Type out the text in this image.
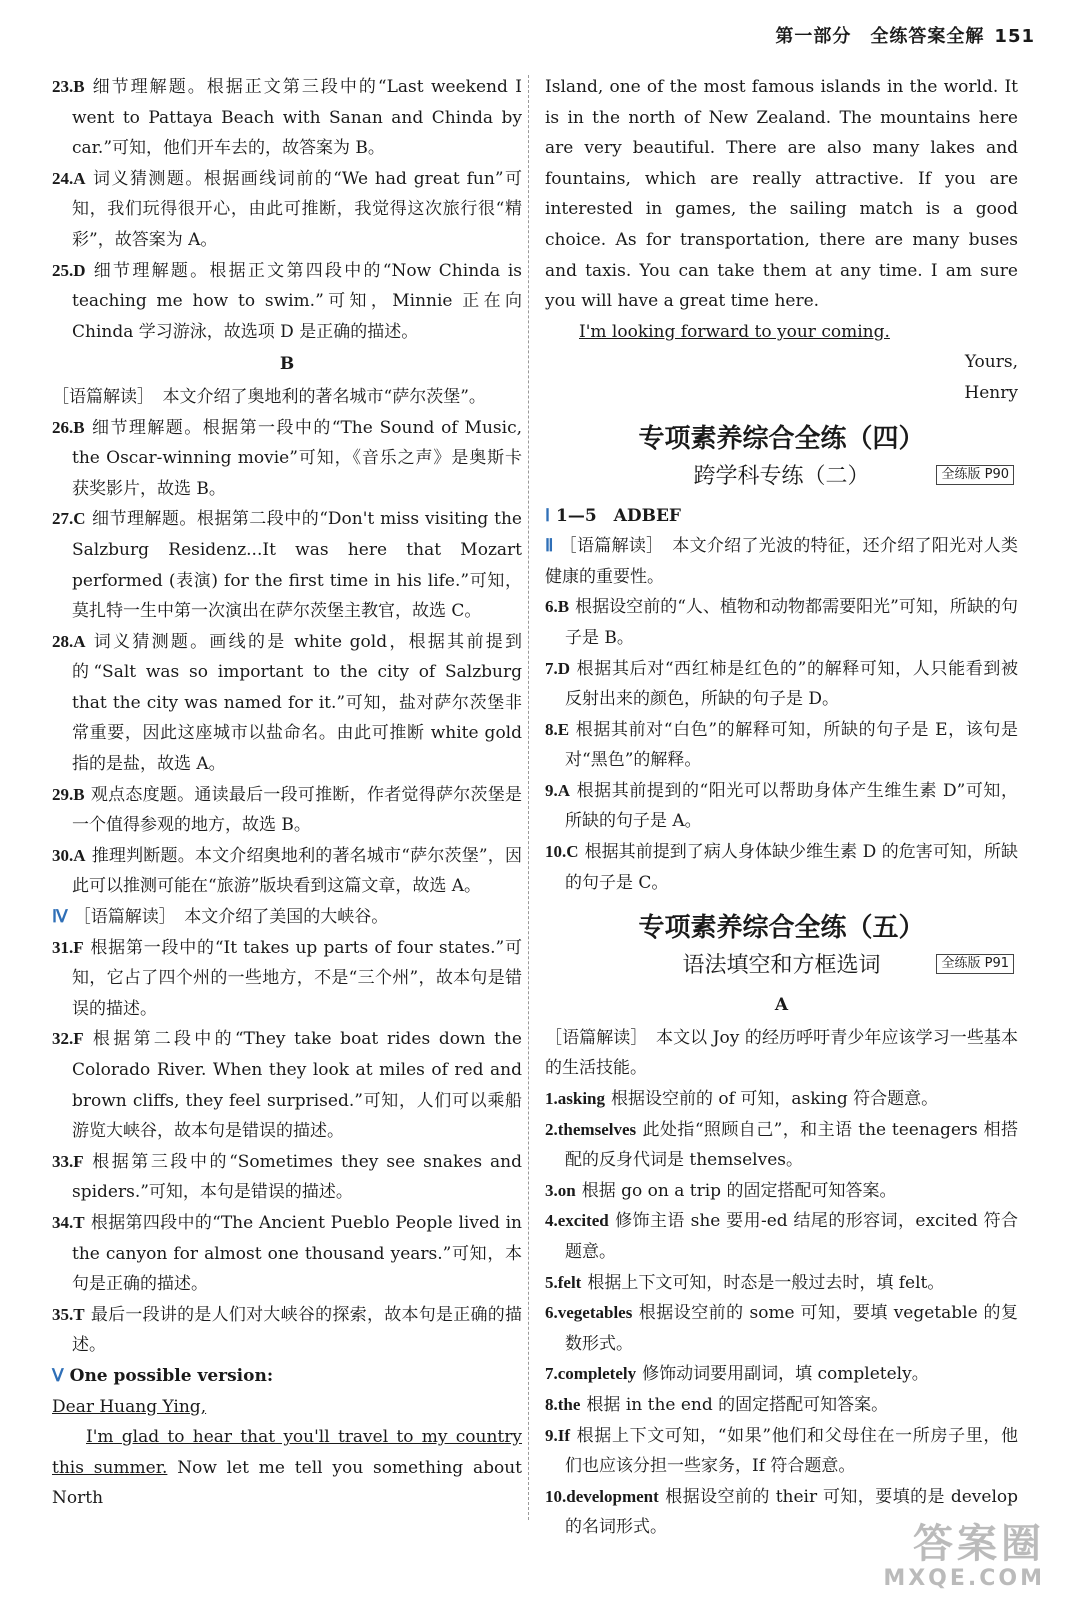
第一部分　全练答案全解 151

23.B 细节理解题。根据正文第三段中的“Last weekend I went to Pattaya Beach with Sanan and Chinda by car.”可知，他们开车去的，故答案为 B。

24.A 词义猜测题。根据画线词前的“We had great fun”可知，我们玩得很开心，由此可推断，我觉得这次旅行很“精彩”，故答案为 A。

25.D 细节理解题。根据正文第四段中的“Now Chinda is teaching me how to swim.”可知，Minnie 正在向 Chinda 学习游泳，故选项 D 是正确的描述。

B

［语篇解读］　本文介绍了奥地利的著名城市“萨尔茨堡”。

26.B 细节理解题。根据第一段中的“The Sound of Music, the Oscar-winning movie”可知，《音乐之声》是奥斯卡获奖影片，故选 B。

27.C 细节理解题。根据第二段中的“Don't miss visiting the Salzburg Residenz...It was here that Mozart performed (表演) for the first time in his life.”可知，莫扎特一生中第一次演出在萨尔茨堡主教官，故选 C。

28.A 词义猜测题。画线的是 white gold，根据其前提到的“Salt was so important to the city of Salzburg that the city was named for it.”可知，盐对萨尔茨堡非常重要，因此这座城市以盐命名。由此可推断 white gold 指的是盐，故选 A。

29.B 观点态度题。通读最后一段可推断，作者觉得萨尔茨堡是一个值得参观的地方，故选 B。

30.A 推理判断题。本文介绍奥地利的著名城市“萨尔茨堡”，因此可以推测可能在“旅游”版块看到这篇文章，故选 A。

Ⅳ ［语篇解读］　本文介绍了美国的大峡谷。

31.F 根据第一段中的“It takes up parts of four states.”可知，它占了四个州的一些地方，不是“三个州”，故本句是错误的描述。

32.F 根据第二段中的“They take boat rides down the Colorado River. When they look at miles of red and brown cliffs, they feel surprised.”可知，人们可以乘船游览大峡谷，故本句是错误的描述。

33.F 根据第三段中的“Sometimes they see snakes and spiders.”可知，本句是错误的描述。

34.T 根据第四段中的“The Ancient Pueblo People lived in the canyon for almost one thousand years.”可知，本句是正确的描述。

35.T 最后一段讲的是人们对大峡谷的探索，故本句是正确的描述。

Ⅴ One possible version:

Dear Huang Ying,

I'm glad to hear that you'll travel to my country this summer. Now let me tell you something about North

Island, one of the most famous islands in the world. It is in the north of New Zealand. The mountains here are very beautiful. There are also many lakes and fountains, which are really attractive. If you are interested in games, the sailing match is a good choice. As for transportation, there are many buses and taxis. You can take them at any time. I am sure you will have a great time here.

I'm looking forward to your coming.

Yours,

Henry

专项素养综合全练（四）

跨学科专练（二）	全练版 P90

Ⅰ 1—5　ADBEF

Ⅱ ［语篇解读］　本文介绍了光波的特征，还介绍了阳光对人类健康的重要性。

6.B 根据设空前的“人、植物和动物都需要阳光”可知，所缺的句子是 B。

7.D 根据其后对“西红柿是红色的”的解释可知，人只能看到被反射出来的颜色，所缺的句子是 D。

8.E 根据其前对“白色”的解释可知，所缺的句子是 E，该句是对“黑色”的解释。

9.A 根据其前提到的“阳光可以帮助身体产生维生素 D”可知，所缺的句子是 A。

10.C 根据其前提到了病人身体缺少维生素 D 的危害可知，所缺的句子是 C。

专项素养综合全练（五）

语法填空和方框选词	全练版 P91

A

［语篇解读］　本文以 Joy 的经历呼吁青少年应该学习一些基本的生活技能。

1.asking 根据设空前的 of 可知，asking 符合题意。

2.themselves 此处指“照顾自己”，和主语 the teenagers 相搭配的反身代词是 themselves。

3.on 根据 go on a trip 的固定搭配可知答案。

4.excited 修饰主语 she 要用-ed 结尾的形容词，excited 符合题意。

5.felt 根据上下文可知，时态是一般过去时，填 felt。

6.vegetables 根据设空前的 some 可知，要填 vegetable 的复数形式。

7.completely 修饰动词要用副词，填 completely。

8.the 根据 in the end 的固定搭配可知答案。

9.If 根据上下文可知，“如果”他们和父母住在一所房子里，他们也应该分担一些家务，If 符合题意。

10.development 根据设空前的 their 可知，要填的是 develop 的名词形式。	答案圈
MXQE.COM
